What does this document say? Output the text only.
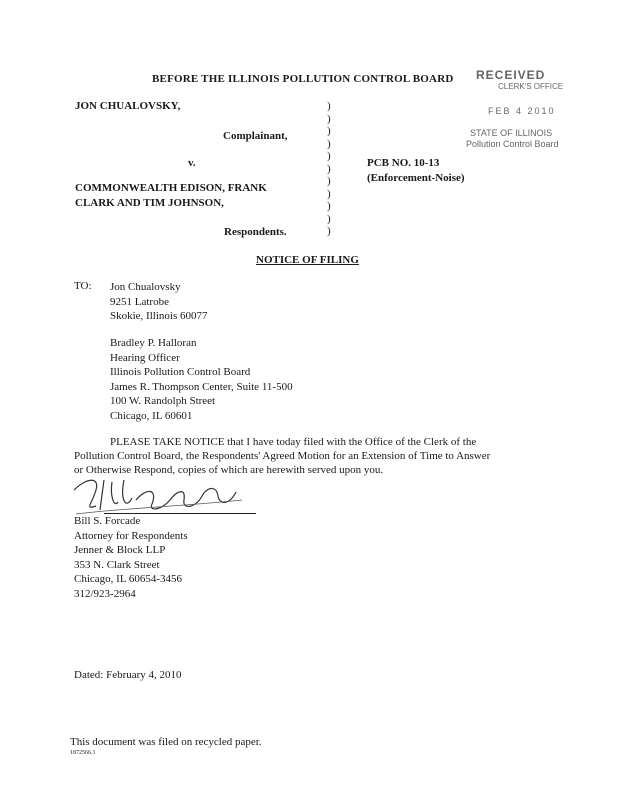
BEFORE THE ILLINOIS POLLUTION CONTROL BOARD RECEIVED
CLERK'S OFFICE
FEB 4 2010
STATE OF ILLINOIS
Pollution Control Board
JON CHUALOVSKY,
Complainant,
v.
COMMONWEALTH EDISON, FRANK
CLARK AND TIM JOHNSON,
Respondents.
)
)
)
)
)
)
)
)
)
)
)
PCB NO. 10-13
(Enforcement-Noise)
NOTICE OF FILING
TO: Jon Chualovsky
9251 Latrobe
Skokie, Illinois 60077
Bradley P. Halloran
Hearing Officer
Illinois Pollution Control Board
James R. Thompson Center, Suite 11-500
100 W. Randolph Street
Chicago, IL 60601
PLEASE TAKE NOTICE that I have today filed with the Office of the Clerk of the
Pollution Control Board, the Respondents' Agreed Motion for an Extension of Time to Answer
or Otherwise Respond, copies of which are herewith served upon you.
Bill S. Forcade
Attorney for Respondents
Jenner & Block LLP
353 N. Clark Street
Chicago, IL 60654-3456
312/923-2964
Dated: February 4, 2010
This document was filed on recycled paper.
1872566.1
